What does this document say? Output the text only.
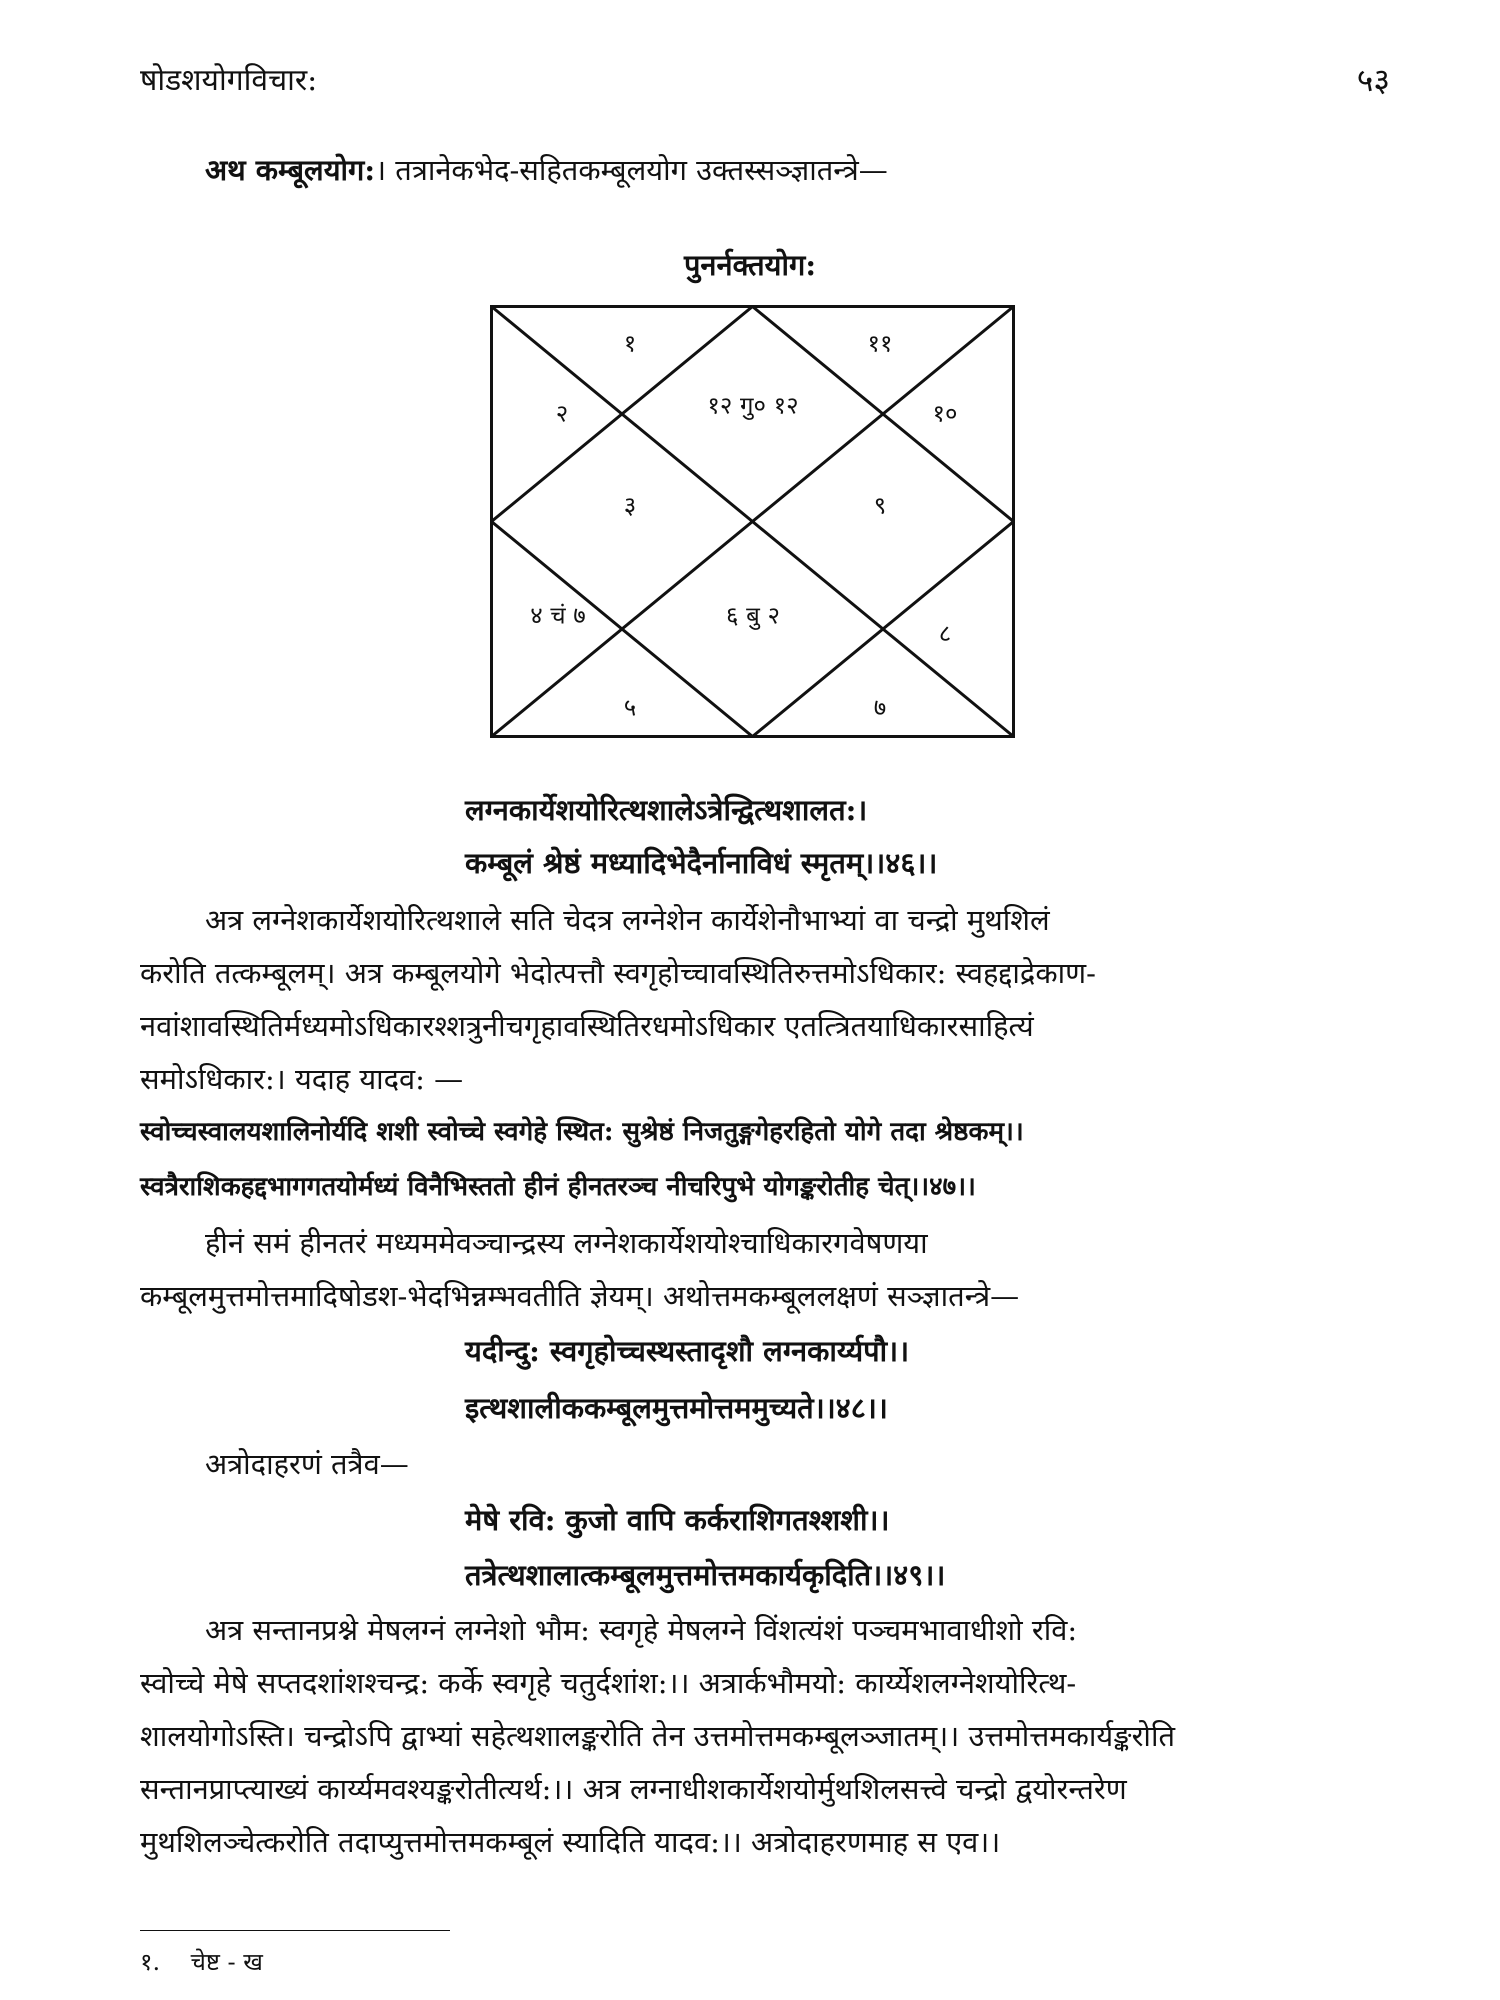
षोडशयोगविचार:	५३
अथ कम्बूलयोग:। तत्रानेकभेद-सहितकम्बूलयोग उक्तस्सञ्ज्ञातन्त्रे—
पुनर्नक्तयोग:
१	११
२	१२ गु० १२	१०
३	९
४ चं ७	६ बु २
८
५	७
लग्नकार्येशयोरित्थशालेऽत्रेन्द्वित्थशालत:।
कम्बूलं श्रेष्ठं मध्यादिभेदैर्नानाविधं स्मृतम्।।४६।।
अत्र लग्नेशकार्येशयोरित्थशाले सति चेदत्र लग्नेशेन कार्येशेनौभाभ्यां वा चन्द्रो मुथशिलं
करोति तत्कम्बूलम्। अत्र कम्बूलयोगे भेदोत्पत्तौ स्वगृहोच्चावस्थितिरुत्तमोऽधिकार: स्वहद्दाद्रेकाण-
नवांशावस्थितिर्मध्यमोऽधिकारश्शत्रुनीचगृहावस्थितिरधमोऽधिकार एतत्त्रितयाधिकारसाहित्यं
समोऽधिकार:। यदाह यादव: —
स्वोच्चस्वालयशालिनोर्यदि शशी स्वोच्चे स्वगेहे स्थित: सुश्रेष्ठं निजतुङ्गगेहरहितो योगे तदा श्रेष्ठकम्।।
स्वत्रैराशिकहद्दभागगतयोर्मध्यं विनैभिस्ततो हीनं हीनतरञ्च नीचरिपुभे योगङ्करोतीह चेत्।।४७।।
हीनं समं हीनतरं मध्यममेवञ्चान्द्रस्य लग्नेशकार्येशयोश्चाधिकारगवेषणया
कम्बूलमुत्तमोत्तमादिषोडश-भेदभिन्नम्भवतीति ज्ञेयम्। अथोत्तमकम्बूललक्षणं सञ्ज्ञातन्त्रे—
यदीन्दु: स्वगृहोच्चस्थस्तादृशौ लग्नकार्य्यपौ।।
इत्थशालीककम्बूलमुत्तमोत्तममुच्यते।।४८।।
अत्रोदाहरणं तत्रैव—
मेषे रवि: कुजो वापि कर्कराशिगतश्शशी।।
तत्रेत्थशालात्कम्बूलमुत्तमोत्तमकार्यकृदिति।।४९।।
अत्र सन्तानप्रश्ने मेषलग्नं लग्नेशो भौम: स्वगृहे मेषलग्ने विंशत्यंशं पञ्चमभावाधीशो रवि:
स्वोच्चे मेषे सप्तदशांशश्चन्द्र: कर्के स्वगृहे चतुर्दशांश:।। अत्रार्कभौमयो: कार्य्येशलग्नेशयोरित्थ-
शालयोगोऽस्ति। चन्द्रोऽपि द्वाभ्यां सहेत्थशालङ्करोति तेन उत्तमोत्तमकम्बूलञ्जातम्।। उत्तमोत्तमकार्यङ्करोति
सन्तानप्राप्त्याख्यं कार्य्यमवश्यङ्करोतीत्यर्थ:।। अत्र लग्नाधीशकार्येशयोर्मुथशिलसत्त्वे चन्द्रो द्वयोरन्तरेण
मुथशिलञ्चेत्करोति तदाप्युत्तमोत्तमकम्बूलं स्यादिति यादव:।। अत्रोदाहरणमाह स एव।।
१.    चेष्ट - ख
